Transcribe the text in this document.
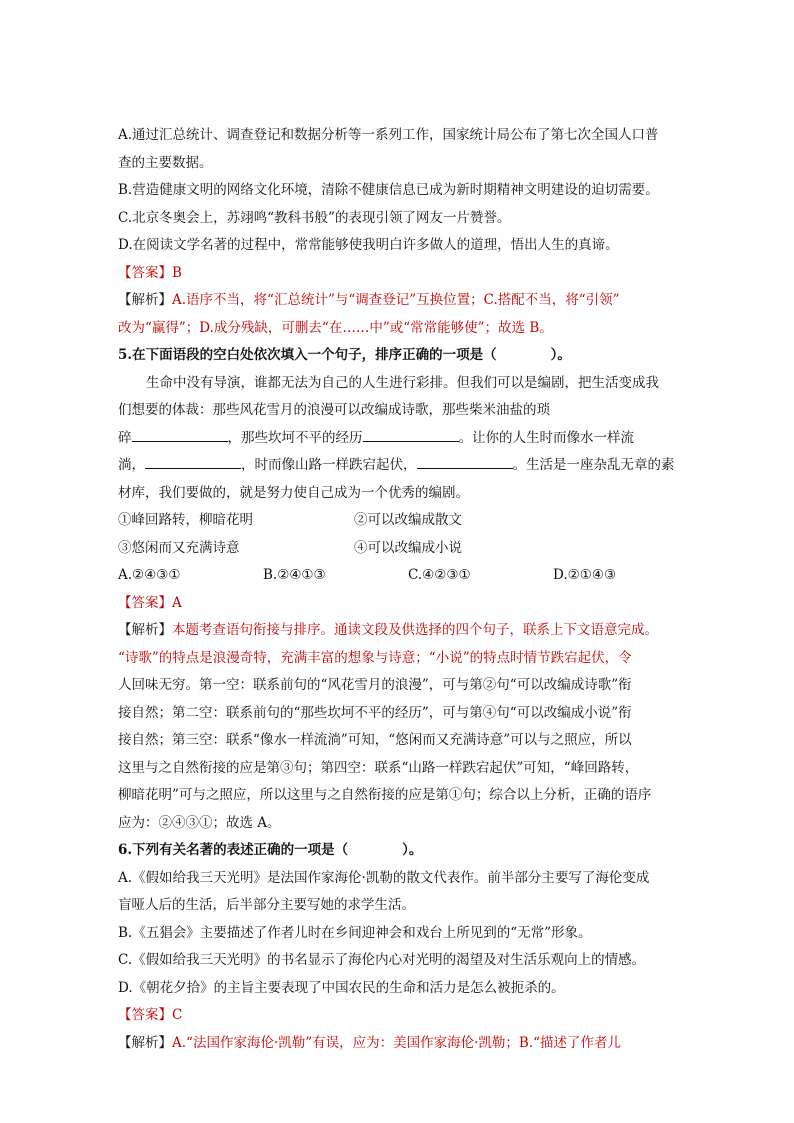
A.通过汇总统计、调查登记和数据分析等一系列工作，国家统计局公布了第七次全国人口普
查的主要数据。
B.营造健康文明的网络文化环境，清除不健康信息已成为新时期精神文明建设的迫切需要。
C.北京冬奥会上，苏翊鸣“教科书般”的表现引领了网友一片赞誉。
D.在阅读文学名著的过程中，常常能够使我明白许多做人的道理，悟出人生的真谛。
【答案】B
【解析】A.语序不当，将“汇总统计”与“调查登记”互换位置；C.搭配不当，将“引领”
改为“赢得”；D.成分残缺，可删去“在……中”或“常常能够使”；故选 B。
5.在下面语段的空白处依次填入一个句子，排序正确的一项是（　　　　）。
生命中没有导演，谁都无法为自己的人生进行彩排。但我们可以是编剧，把生活变成我
们想要的体裁：那些风花雪月的浪漫可以改编成诗歌，那些柴米油盐的琐
碎	，那些坎坷不平的经历	。让你的人生时而像水一样流
淌，	，时而像山路一样跌宕起伏，	。生活是一座杂乱无章的素
材库，我们要做的，就是努力使自己成为一个优秀的编剧。
①峰回路转，柳暗花明	②可以改编成散文
③悠闲而又充满诗意	④可以改编成小说
A.②④③①	B.②④①③	C.④②③①	D.②①④③
【答案】A
【解析】本题考查语句衔接与排序。通读文段及供选择的四个句子，联系上下文语意完成。
“诗歌”的特点是浪漫奇特，充满丰富的想象与诗意；“小说”的特点时情节跌宕起伏，令
人回味无穷。第一空：联系前句的“风花雪月的浪漫”，可与第②句“可以改编成诗歌”衔
接自然；第二空：联系前句的“那些坎坷不平的经历”，可与第④句“可以改编成小说”衔
接自然；第三空：联系“像水一样流淌”可知，“悠闲而又充满诗意”可以与之照应，所以
这里与之自然衔接的应是第③句；第四空：联系“山路一样跌宕起伏”可知，“峰回路转，
柳暗花明”可与之照应，所以这里与之自然衔接的应是第①句；综合以上分析，正确的语序
应为：②④③①；故选 A。
6.下列有关名著的表述正确的一项是（　　　　）。
A.《假如给我三天光明》是法国作家海伦·凯勒的散文代表作。前半部分主要写了海伦变成
盲哑人后的生活，后半部分主要写她的求学生活。
B.《五猖会》主要描述了作者儿时在乡间迎神会和戏台上所见到的“无常”形象。
C.《假如给我三天光明》的书名显示了海伦内心对光明的渴望及对生活乐观向上的情感。
D.《朝花夕拾》的主旨主要表现了中国农民的生命和活力是怎么被扼杀的。
【答案】C
【解析】A.“法国作家海伦·凯勒”有误，应为：美国作家海伦·凯勒；B.“描述了作者儿
